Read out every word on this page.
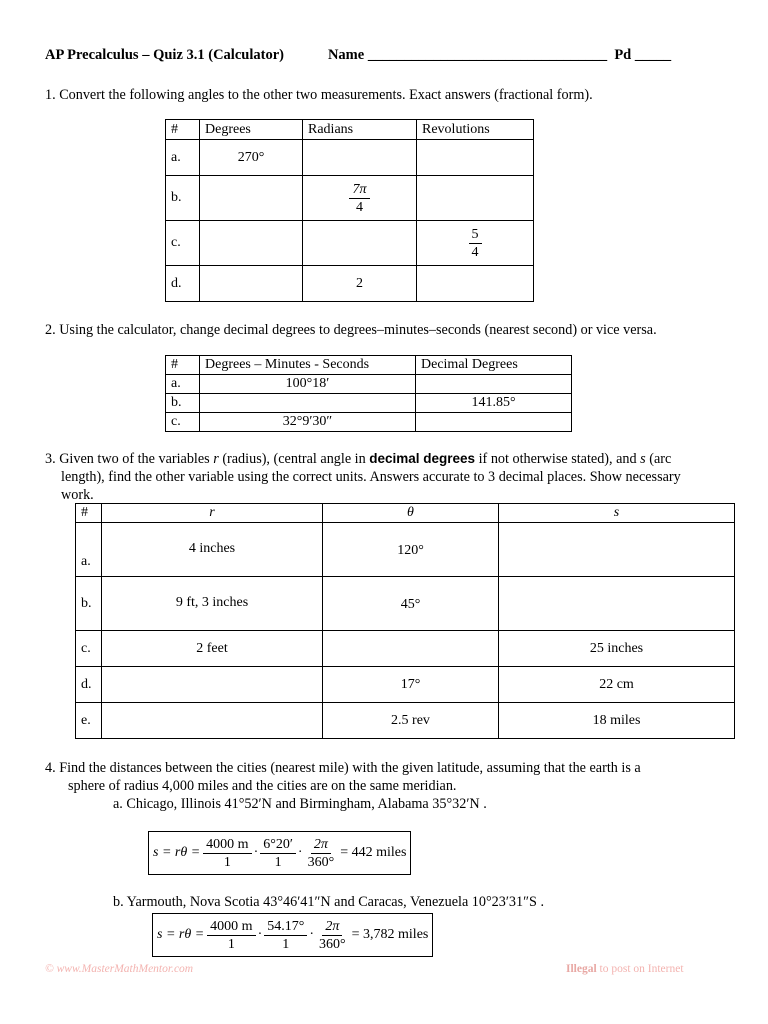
AP Precalculus – Quiz 3.1 (Calculator)	Name _________________________________ Pd _____
1. Convert the following angles to the other two measurements. Exact answers (fractional form).
#	Degrees	Radians	Revolutions
a.	270°		
b.		$\frac{7\pi}{4}$

c.			$\frac{5}{4}$

d.		2	
2. Using the calculator, change decimal degrees to degrees–minutes–seconds (nearest second) or vice versa.
#	Degrees – Minutes - Seconds	Decimal Degrees
a.	100°18′	
b.		141.85°
c.	32°9′30″	
3. Given two of the variables r (radius), (central angle in decimal degrees if not otherwise stated), and s (arc
length), find the other variable using the correct units. Answers accurate to 3 decimal places. Show necessary
work.
#	r	θ	s
a.	4 inches	120°	
b.	9 ft, 3 inches	45°	
c.	2 feet		25 inches
d.		17°	22 cm
e.		2.5 rev	18 miles
4. Find the distances between the cities (nearest mile) with the given latitude, assuming that the earth is a
sphere of radius 4,000 miles and the cities are on the same meridian.
a. Chicago, Illinois 41°52′N and Birmingham, Alabama 35°32′N .
$s = r\theta = \frac{4000 m}{1} \cdot \frac{6^\circ 20'}{1} \cdot \frac{2\pi}{360^\circ} = 442$ miles
b. Yarmouth, Nova Scotia 43°46′41″N and Caracas, Venezuela 10°23′31″S .
$s = r\theta = \frac{4000 m}{1} \cdot \frac{54.17^\circ}{1} \cdot \frac{2\pi}{360^\circ} = 3,782$ miles
© www.MasterMathMentor.com	Illegal to post on Internet
